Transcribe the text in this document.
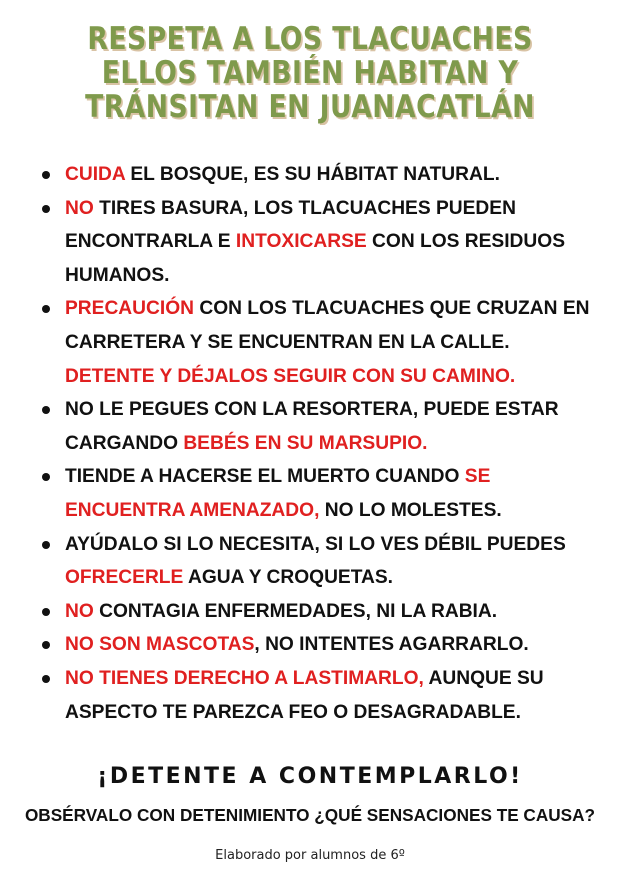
RESPETA A LOS TLACUACHES
ELLOS TAMBIÉN HABITAN Y
TRÁNSITAN EN JUANACATLÁN
CUIDA EL BOSQUE, ES SU HÁBITAT NATURAL.
NO TIRES BASURA, LOS TLACUACHES PUEDEN ENCONTRARLA E INTOXICARSE CON LOS RESIDUOS HUMANOS.
PRECAUCIÓN CON LOS TLACUACHES QUE CRUZAN EN CARRETERA Y SE ENCUENTRAN EN LA CALLE. DETENTE Y DÉJALOS SEGUIR CON SU CAMINO.
NO LE PEGUES CON LA RESORTERA, PUEDE ESTAR CARGANDO BEBÉS EN SU MARSUPIO.
TIENDE A HACERSE EL MUERTO CUANDO SE ENCUENTRA AMENAZADO, NO LO MOLESTES.
AYÚDALO SI LO NECESITA, SI LO VES DÉBIL PUEDES OFRECERLE AGUA Y CROQUETAS.
NO CONTAGIA ENFERMEDADES, NI LA RABIA.
NO SON MASCOTAS, NO INTENTES AGARRARLO.
NO TIENES DERECHO A LASTIMARLO, AUNQUE SU ASPECTO TE PAREZCA FEO O DESAGRADABLE.
¡DETENTE A CONTEMPLARLO!
OBSÉRVALO CON DETENIMIENTO ¿QUÉ SENSACIONES TE CAUSA?
Elaborado por alumnos de 6º
